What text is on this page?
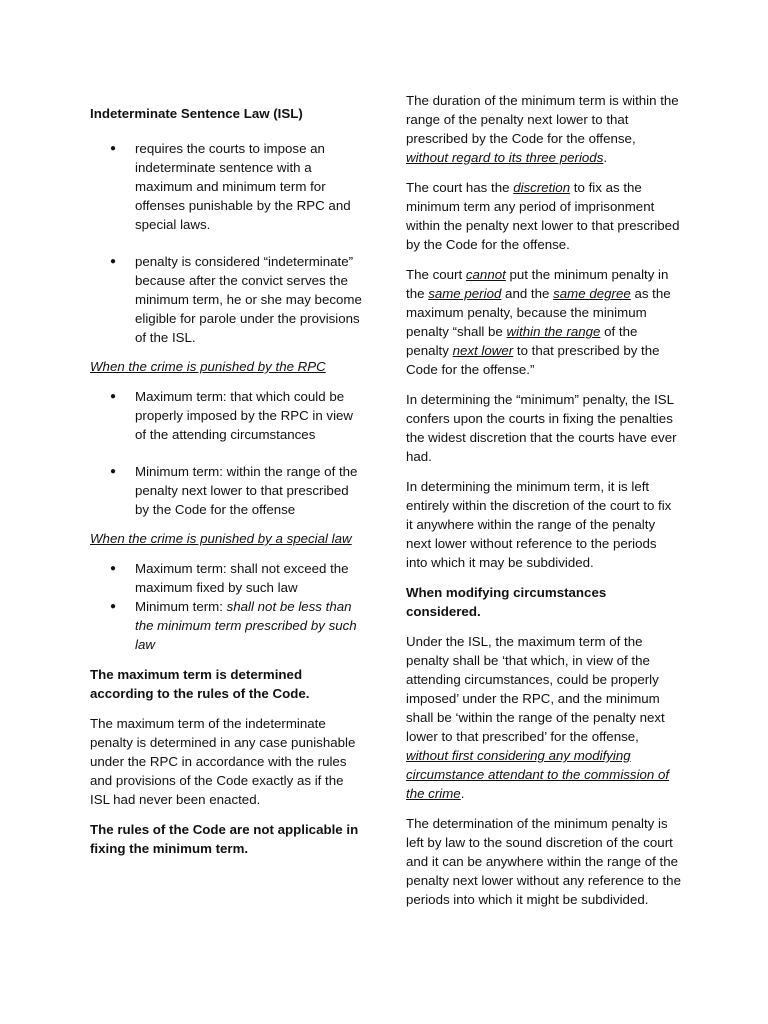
Indeterminate Sentence Law (ISL)

● requires the courts to impose an indeterminate sentence with a maximum and minimum term for offenses punishable by the RPC and special laws.
● penalty is considered “indeterminate” because after the convict serves the minimum term, he or she may become eligible for parole under the provisions of the ISL.

When the crime is punished by the RPC

● Maximum term: that which could be properly imposed by the RPC in view of the attending circumstances
● Minimum term: within the range of the penalty next lower to that prescribed by the Code for the offense

When the crime is punished by a special law

● Maximum term: shall not exceed the maximum fixed by such law
● Minimum term: shall not be less than the minimum term prescribed by such law

The maximum term is determined according to the rules of the Code.

The maximum term of the indeterminate penalty is determined in any case punishable under the RPC in accordance with the rules and provisions of the Code exactly as if the ISL had never been enacted.

The rules of the Code are not applicable in fixing the minimum term.

The duration of the minimum term is within the range of the penalty next lower to that prescribed by the Code for the offense, without regard to its three periods.

The court has the discretion to fix as the minimum term any period of imprisonment within the penalty next lower to that prescribed by the Code for the offense.

The court cannot put the minimum penalty in the same period and the same degree as the maximum penalty, because the minimum penalty “shall be within the range of the penalty next lower to that prescribed by the Code for the offense.”

In determining the “minimum” penalty, the ISL confers upon the courts in fixing the penalties the widest discretion that the courts have ever had.

In determining the minimum term, it is left entirely within the discretion of the court to fix it anywhere within the range of the penalty next lower without reference to the periods into which it may be subdivided.

When modifying circumstances considered.

Under the ISL, the maximum term of the penalty shall be ‘that which, in view of the attending circumstances, could be properly imposed’ under the RPC, and the minimum shall be ‘within the range of the penalty next lower to that prescribed’ for the offense, without first considering any modifying circumstance attendant to the commission of the crime.

The determination of the minimum penalty is left by law to the sound discretion of the court and it can be anywhere within the range of the penalty next lower without any reference to the periods into which it might be subdivided.
